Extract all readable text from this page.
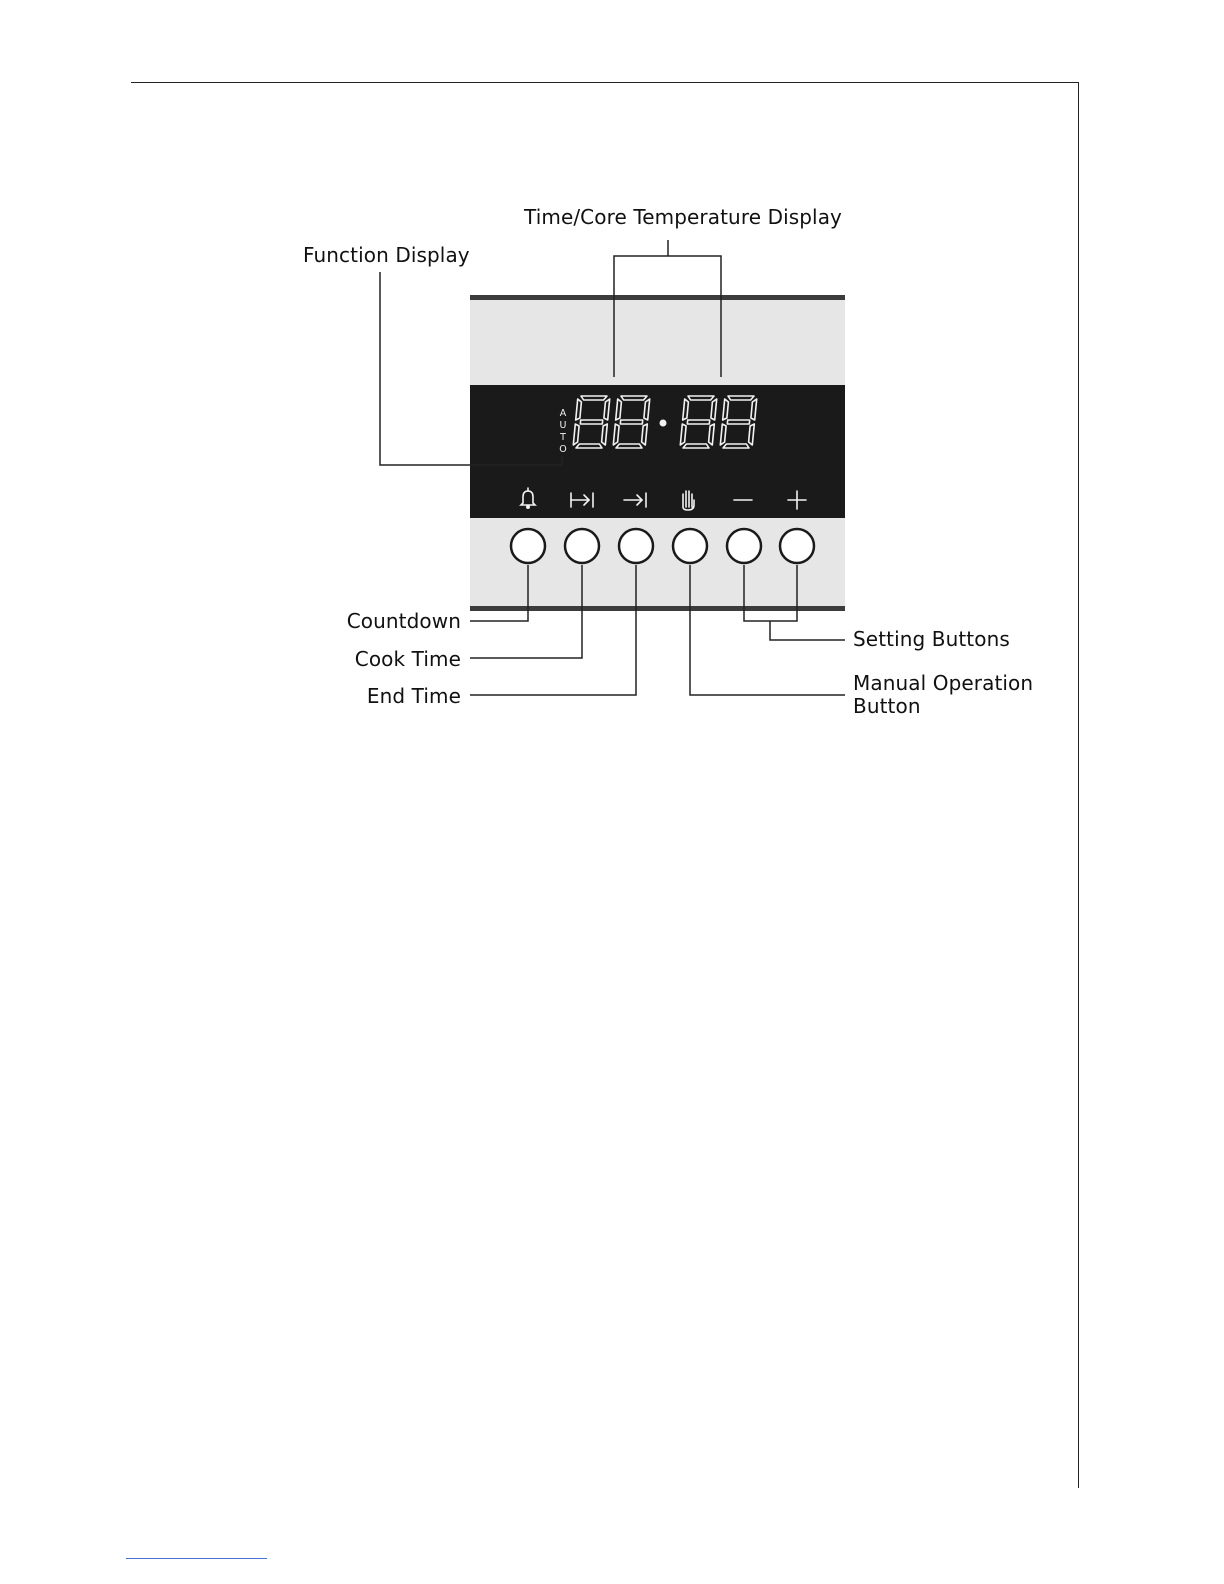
A
U
T
O
Time/Core Temperature Display
Function Display
Countdown
Cook Time
End Time
Setting Buttons
Manual Operation
Button
